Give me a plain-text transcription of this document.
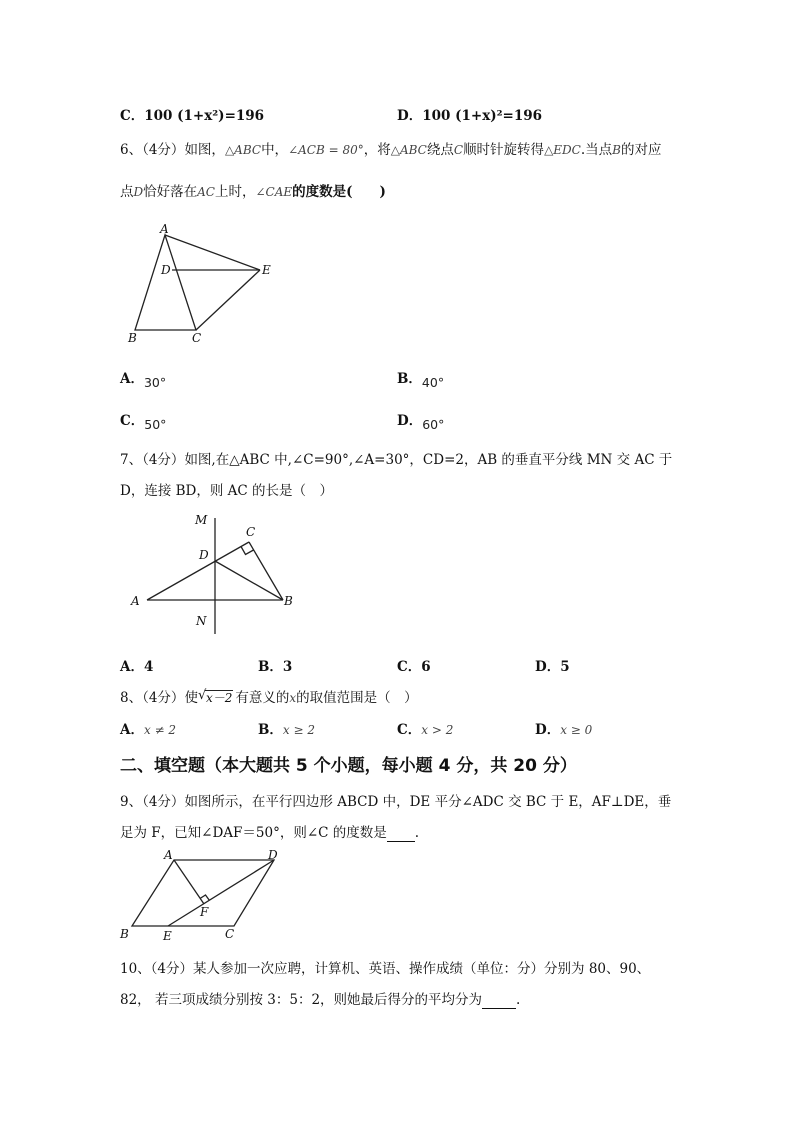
C．100 (1+x²)=196	D．100 (1+x)²=196
6、（4分）如图，△ABC中，∠ACB = 80°，将△ABC绕点C顺时针旋转得△EDC.当点B的对应
点D恰好落在AC上时，∠CAE的度数是(　　)
A
D	E
B	C
A．30°	B．40°
C．50°	D．60°
7、（4分）如图,在△ABC 中,∠C=90°,∠A=30°，CD=2，AB 的垂直平分线 MN 交 AC 于
D，连接 BD，则 AC 的长是（　）
M
C
D
A	B
N
A．4	B．3	C．6	D．5
8、（4分）使 √ x－2 有意义的x的取值范围是（　）
A．x ≠ 2	B．x ≥ 2	C．x > 2	D．x ≥ 0
二、填空题（本大题共 5 个小题，每小题 4 分，共 20 分）
9、（4分）如图所示，在平行四边形 ABCD 中，DE 平分∠ADC 交 BC 于 E，AF⊥DE，垂
足为 F，已知∠DAF＝50°，则∠C 的度数是 .
A	D
F
B	E	C
10、（4分）某人参加一次应聘，计算机、英语、操作成绩（单位：分）分别为 80、90、
82， 若三项成绩分别按 3：5：2，则她最后得分的平均分为	.
